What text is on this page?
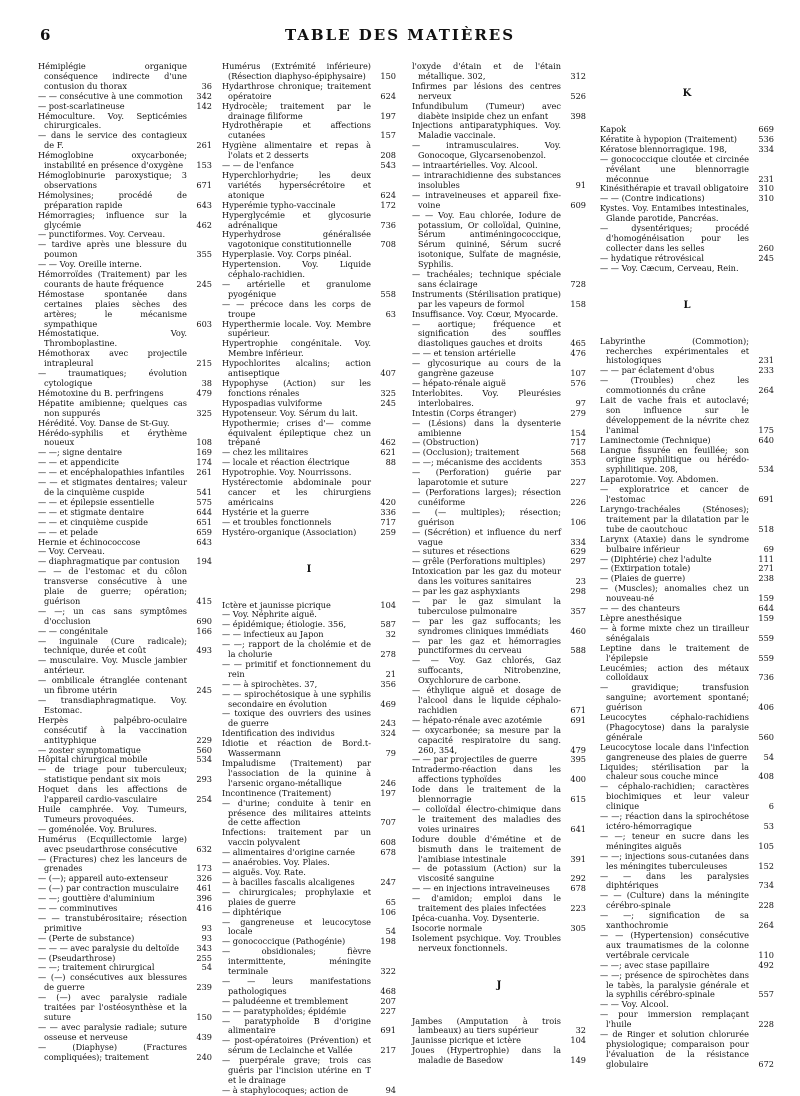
6	TABLE DES MATIÈRES
Hémiplégie organique conséquence indirecte d'une contusion du thorax	36
— — consécutive à une commotion	342
— post-scarlatineuse	142
Hémoculture. Voy. Septicémies chirurgicales.
— dans le service des contagieux de F.	261
Hémoglobine oxycarbonée; instabilité en présence d'oxygène	153
Hémoglobinurie paroxystique; 3 observations	671
Hémolysines; procédé de préparation rapide	643
Hémorragies; influence sur la glycémie	462
— punctiformes. Voy. Cerveau.
— tardive après une blessure du poumon	355
— — Voy. Oreille interne.
Hémorroïdes (Traitement) par les courants de haute fréquence	245
Hémostase spontanée dans certaines plaies sèches des artères; le mécanisme sympathique	603
Hémostatique. Voy. Thromboplastine.
Hémothorax avec projectile intrapleural	215
— traumatiques; évolution cytologique	38
Hémotoxine du B. perfringens	479
Hépatite amibienne; quelques cas non suppurés	325
Hérédité. Voy. Danse de St-Guy.
Hérédo-syphilis et érythème noueux	108
— —; signe dentaire	169
— — et appendicite	174
— — et encéphalopathies infantiles	261
— — et stigmates dentaires; valeur de la cinquième cuspide	541
— — et épilepsie essentielle	575
— — et stigmate dentaire	644
— — et cinquième cuspide	651
— — et pelade	659
Hernie et échinococcose	643
— Voy. Cerveau.
— diaphragmatique par contusion	194
— — de l'estomac et du côlon transverse consécutive à une plaie de guerre; opération; guérison	415
— —; un cas sans symptômes d'occlusion	690
— — congénitale	166
— inguinale (Cure radicale); technique, durée et coût	493
— musculaire. Voy. Muscle jambier antérieur.
— ombilicale étranglée contenant un fibrome utérin	245
— transdiaphragmatique. Voy. Estomac.
Herpès palpébro-oculaire consécutif à la vaccination antityphique	229
— zoster symptomatique	560
Hôpital chirurgical mobile	534
— de triage pour tuberculeux; statistique pendant six mois	293
Hoquet dans les affections de l'appareil cardio-vasculaire	254
Huile camphrée. Voy. Tumeurs, Tumeurs provoquées.
— goménolée. Voy. Brulures.
Humérus (Ecquillectomie large) avec pseudarthrose consécutive	632
— (Fractures) chez les lanceurs de grenades	173
— (—); appareil auto-extenseur	326
— (—) par contraction musculaire	461
— —; gouttière d'aluminium	396
— — comminutives	416
— — transtubérositaire; résection primitive	93
— (Perte de substance)	93
— — — avec paralysie du deltoïde	343
— (Pseudarthrose)	255
— —; traitement chirurgical	54
— (—) consécutives aux blessures de guerre	239
— (—) avec paralysie radiale traitées par l'ostéosynthèse et la suture	150
— — avec paralysie radiale; suture osseuse et nerveuse	439
— (Diaphyse) (Fractures compliquées); traitement	240
Humérus (Extrémité inférieure) (Résection diaphyso-épiphysaire)	150
Hydarthrose chronique; traitement opératoire	624
Hydrocèle; traitement par le drainage filiforme	197
Hydrothérapie et affections cutanées	157
Hygiène alimentaire et repas à l'olats et 2 desserts	208
— — de l'enfance	543
Hyperchlorhydrie; les deux variétés hypersécrétoire et atonique	624
Hyperémie typho-vaccinale	172
Hyperglycémie et glycosurie adrénalique	736
Hyperhydrose généralisée vagotonique constitutionnelle	708
Hyperplasie. Voy. Corps pinéal.
Hypertension. Voy. Liquide céphalo-rachidien.
— artérielle et granulome pyogénique	558
— — précoce dans les corps de troupe	63
Hyperthermie locale. Voy. Membre supérieur.
Hypertrophie congénitale. Voy. Membre inférieur.
Hypochlorites alcalins; action antiseptique	407
Hypophyse (Action) sur les fonctions rénales	325
Hypospadias vulviforme	245
Hypotenseur. Voy. Sérum du lait.
Hypothermie; crises d'— comme équivalent épileptique chez un trépané	462
— chez les militaires	621
— locale et réaction électrique	88
Hypotrophie. Voy. Nourrissons.
Hystérectomie abdominale pour cancer et les chirurgiens américains	420
Hystérie et la guerre	336
— et troubles fonctionnels	717
Hystéro-organique (Association)	259
I
Ictère et jaunisse picrique	104
— Voy. Néphrite aiguë.
— épidémique; étiologie. 356,	587
— — infectieux au Japon	32
— —; rapport de la cholémie et de la cholurie	278
— — primitif et fonctionnement du rein	21
— — à spirochètes. 37,	356
— — spirochétosique à une syphilis secondaire en évolution	469
— toxique des ouvriers des usines de guerre	243
Identification des individus	324
Idiotie et réaction de Bord.t-Wassermann	79
Impaludisme (Traitement) par l'association de la quinine à l'arsenic organo-métallique	246
Incontinence (Traitement)	197
— d'urine; conduite à tenir en présence des militaires atteints de cette affection	707
Infections: traitement par un vaccin polyvalent	608
— alimentaires d'origine carnée	678
— anaérobies. Voy. Plaies.
— aiguës. Voy. Rate.
— à bacilles fascalis alcaligenes	247
— chirurgicales; prophylaxie et plaies de guerre	65
— diphtérique	106
— gangreneuse et leucocytose locale	54
— gonococcique (Pathogénie)	198
— obsidionales; fièvre intermittente, méningite terminale	322
— — leurs manifestations pathologiques	468
— paludéenne et tremblement	207
— — paratyphoïdes; épidémie	227
— paratyphoïde B d'origine alimentaire	691
— post-opératoires (Prévention) et sérum de Leclainche et Vallée	217
— puerpérale grave; trois cas guéris par l'incision utérine en T et le drainage
— à staphylocoques; action de	94
l'oxyde d'étain et de l'étain métallique. 302,	312
Infirmes par lésions des centres nerveux	526
Infundibulum (Tumeur) avec diabète insipide chez un enfant	398
Injections antiparatyphiques. Voy. Maladie vaccinale.
— intramusculaires. Voy. Gonocoque, Glycarsenobenzol.
— intraartérielles. Voy. Alcool.
— intrarachidienne des substances insolubles	91
— intraveineuses et appareil fixe-voine	609
— — Voy. Eau chlorée, Iodure de potassium, Or colloïdal, Quinine, Sérum antiméningococcique, Sérum quininé, Sérum sucré isotonique, Sulfate de magnésie, Syphilis.
— trachéales; technique spéciale sans éclairage	728
Instruments (Stérilisation pratique) par les vapeurs de formol	158
Insuffisance. Voy. Cœur, Myocarde.
— aortique; fréquence et signification des souffles diastoliques gauches et droits	465
— — et tension artérielle	476
— glycosurique au cours de la gangrène gazeuse	107
— hépato-rénale aiguë	576
Interlobites. Voy. Pleurésies interlobaires.	97
Intestin (Corps étranger)	279
— (Lésions) dans la dysenterie amibienne	154
— (Obstruction)	717
— (Occlusion); traitement	568
— —; mécanisme des accidents	353
— (Perforation) guérie par laparotomie et suture	227
— (Perforations larges); résection cunéiforme	226
— (— multiples); résection; guérison	106
— (Sécrétion) et influence du nerf vague	334
— sutures et résections	629
— grêle (Perforations multiples)	297
Intoxication par les gaz du moteur dans les voitures sanitaires	23
— par les gaz asphyxiants	298
— par le gaz simulant la tuberculose pulmonaire	357
— par les gaz suffocants; les syndromes cliniques immédiats	460
— par les gaz et hémorragies punctiformes du cerveau	588
— — Voy. Gaz chlorés, Gaz suffocants, Nitrobenzine, Oxychlorure de carbone.
— éthylique aiguë et dosage de l'alcool dans le liquide céphalo-rachidien	671
— hépato-rénale avec azotémie	691
— oxycarbonée; sa mesure par la capacité respiratoire du sang. 260, 354,	479
— — par projectiles de guerre	395
Intradermo-réaction dans les affections typhoïdes	400
Iode dans le traitement de la blennorragie	615
— colloïdal électro-chimique dans le traitement des maladies des voies urinaires	641
Iodure double d'émétine et de bismuth dans le traitement de l'amibiase intestinale	391
— de potassium (Action) sur la viscosité sanguine	292
— — en injections intraveineuses	678
— d'amidon; emploi dans le traitement des plaies infectées	223
Ipéca-cuanha. Voy. Dysenterie.
Isocorie normale	305
Isolement psychique. Voy. Troubles nerveux fonctionnels.
J
Jambes (Amputation à trois lambeaux) au tiers supérieur	32
Jaunisse picrique et ictère	104
Joues (Hypertrophie) dans la maladie de Basedow	149
K
Kapok	669
Kératite à hypopion (Traitement)	536
Kératose blennorragique. 198,	334
— gonococcique cloutée et circinée révélant une blennorragie méconnue	231
Kinésithérapie et travail obligatoire	310
— — (Contre indications)	310
Kystes. Voy. Entamibes intestinales, Glande parotide, Pancréas.
— dysentériques; procédé d'homogénéisation pour les collecter dans les selles	260
— hydatique rétrovésical	245
— — Voy. Cæcum, Cerveau, Rein.
L
Labyrinthe (Commotion); recherches expérimentales et histologiques	231
— — par éclatement d'obus	233
— (Troubles) chez les commotionnés du crâne	264
Lait de vache frais et autoclavé; son influence sur le développement de la névrite chez l'animal	175
Laminectomie (Technique)	640
Langue fissurée en feuillée; son origine syphilitique ou hérédo-syphilitique. 208,	534
Laparotomie. Voy. Abdomen.
— exploratrice et cancer de l'estomac	691
Laryngo-trachéales (Sténoses); traitement par la dilatation par le tube de caoutchouc	518
Larynx (Ataxie) dans le syndrome bulbaire inférieur	69
— (Diphtérie) chez l'adulte	111
— (Extirpation totale)	271
— (Plaies de guerre)	238
— (Muscles); anomalies chez un nouveau-né	159
— — des chanteurs	644
Lèpre anesthésique	159
— à forme mixte chez un tirailleur sénégalais	559
Leptine dans le traitement de l'épilepsie	559
Leucémies; action des métaux colloïdaux	736
— gravidique; transfusion sanguine; avortement spontané; guérison	406
Leucocytes céphalo-rachidiens (Phagocytose) dans la paralysie générale	560
Leucocytose locale dans l'infection gangreneuse des plaies de guerre	54
Liquides; stérilisation par la chaleur sous couche mince	408
— céphalo-rachidien; caractères biochimiques et leur valeur clinique	6
— —; réaction dans la spirochétose ictéro-hémorragique	53
— —; teneur en sucre dans les méningites aiguës	105
— —; injections sous-cutanées dans les méningites tuberculeuses	152
— — dans les paralysies diphtériques	734
— — (Culture) dans la méningite cérébro-spinale	228
— —; signification de sa xanthochromie	264
— — (Hypertension) consécutive aux traumatismes de la colonne vertébrale cervicale	110
— —; avec stase papillaire	492
— —; présence de spirochètes dans le tabès, la paralysie générale et la syphilis cérébro-spinale	557
— — Voy. Alcool.
— pour immersion remplaçant l'huile	228
— de Ringer et solution chlorurée physiologique; comparaison pour l'évaluation de la résistance globulaire	672
